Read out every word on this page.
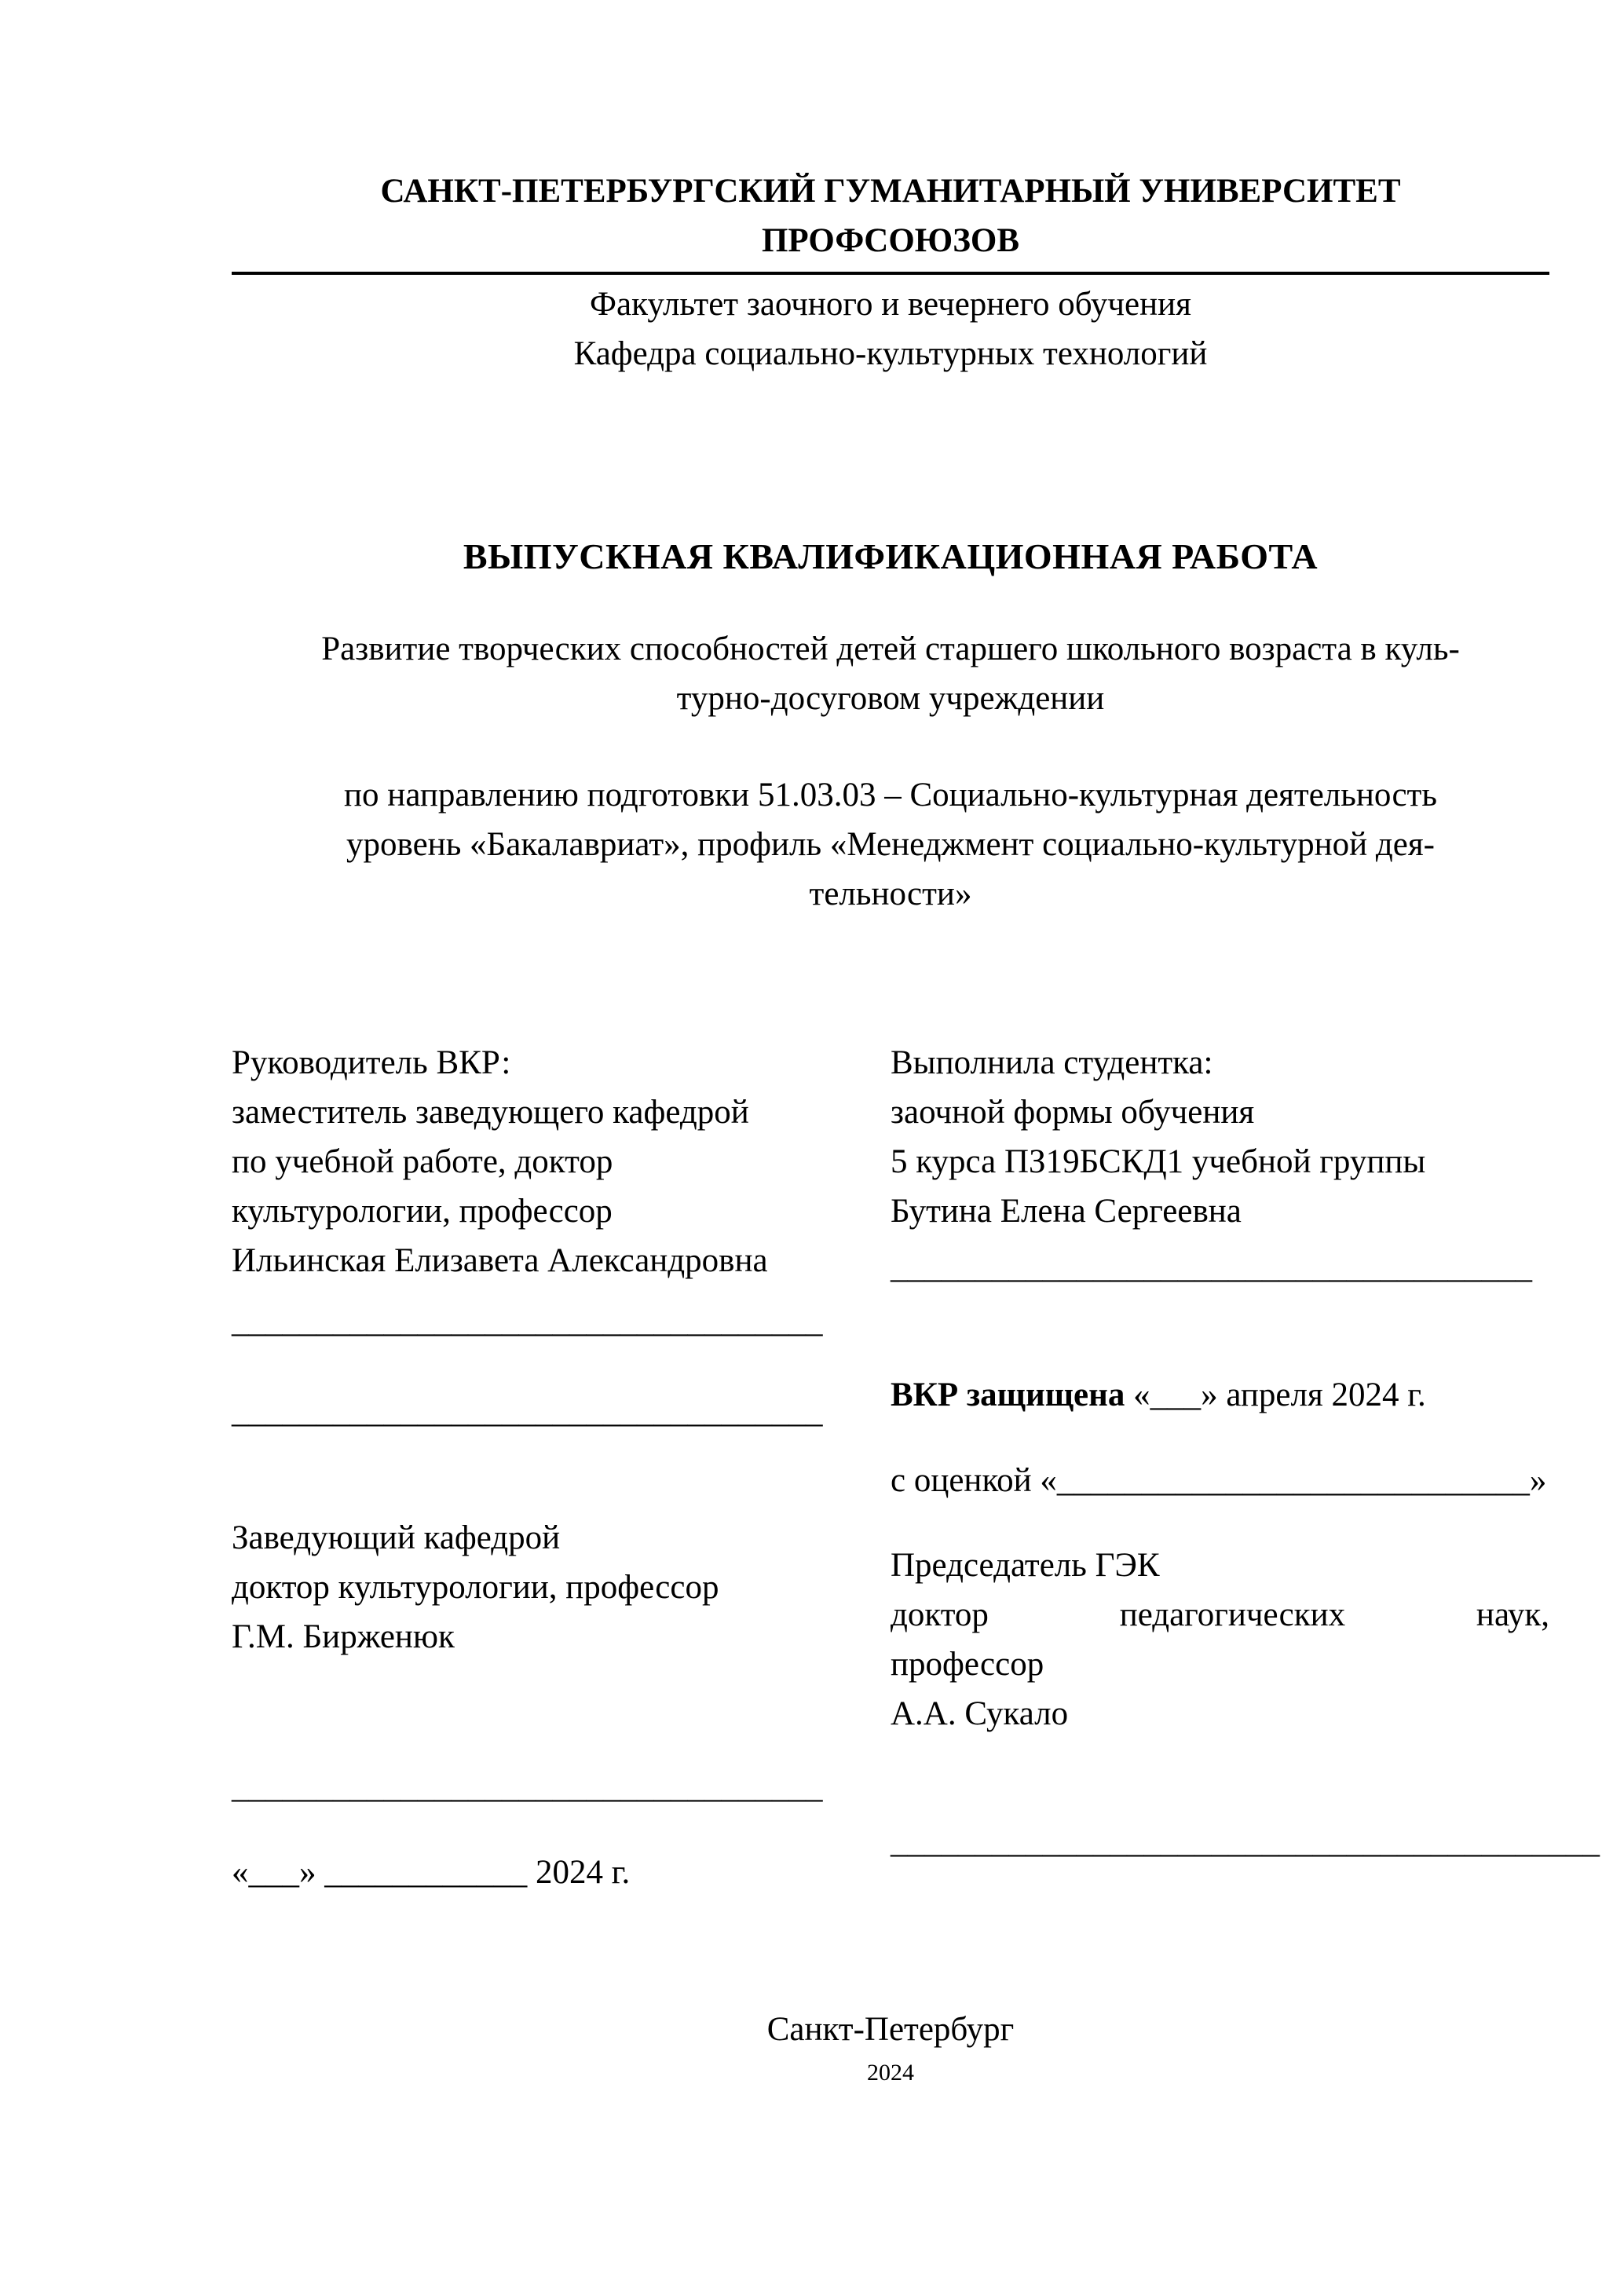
САНКТ-ПЕТЕРБУРГСКИЙ ГУМАНИТАРНЫЙ УНИВЕРСИТЕТ
ПРОФСОЮЗОВ
Факультет заочного и вечернего обучения
Кафедра социально-культурных технологий
ВЫПУСКНАЯ КВАЛИФИКАЦИОННАЯ РАБОТА
Развитие творческих способностей детей старшего школьного возраста в куль-
турно-досуговом учреждении
по направлению подготовки 51.03.03 – Социально-культурная деятельность
уровень «Бакалавриат», профиль «Менеджмент социально-культурной дея-
тельности»
Руководитель ВКР:
заместитель заведующего кафедрой
по учебной работе, доктор
культурологии, профессор
Ильинская Елизавета Александровна
___________________________________
___________________________________
Заведующий кафедрой
доктор культурологии, профессор
Г.М. Бирженюк
___________________________________
«___» ____________ 2024 г.
Выполнила студентка:
заочной формы обучения
5 курса ПЗ19БСКД1 учебной группы
Бутина Елена Сергеевна
______________________________________
ВКР защищена «___» апреля 2024 г.
с оценкой «____________________________»
Председатель ГЭК
доктор педагогических наук,
профессор
А.А. Сукало
__________________________________________
Санкт-Петербург
2024
